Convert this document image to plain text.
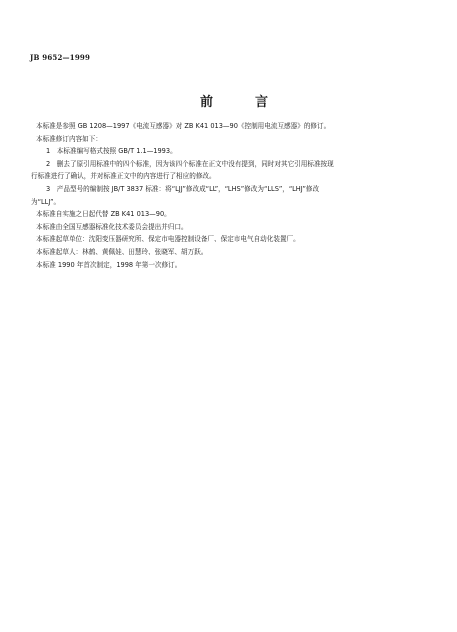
JB 9652—1999
前	言
本标准是参照 GB 1208—1997《电流互感器》对 ZB K41 013—90《控制用电流互感器》的修订。
本标准修订内容如下：
1　本标准编写格式按照 GB/T 1.1—1993。
2　删去了原引用标准中的四个标准，因为该四个标准在正文中没有提到，同时对其它引用标准按现
行标准进行了确认，并对标准正文中的内容进行了相应的修改。
3　产品型号的编制按 JB/T 3837 标准：将“LJJ”修改成“LL”，“LHS”修改为“LLS”，“LHJ”修改
为“LLJ”。
本标准自实施之日起代替 ZB K41 013—90。
本标准由全国互感器标准化技术委员会提出并归口。
本标准起草单位：沈阳变压器研究所、保定市电器控制设备厂、保定市电气自动化装置厂。
本标准起草人：林鹤、黄佩娃、田慧玲、张晓军、胡万跃。
本标准 1990 年首次制定，1998 年第一次修订。
